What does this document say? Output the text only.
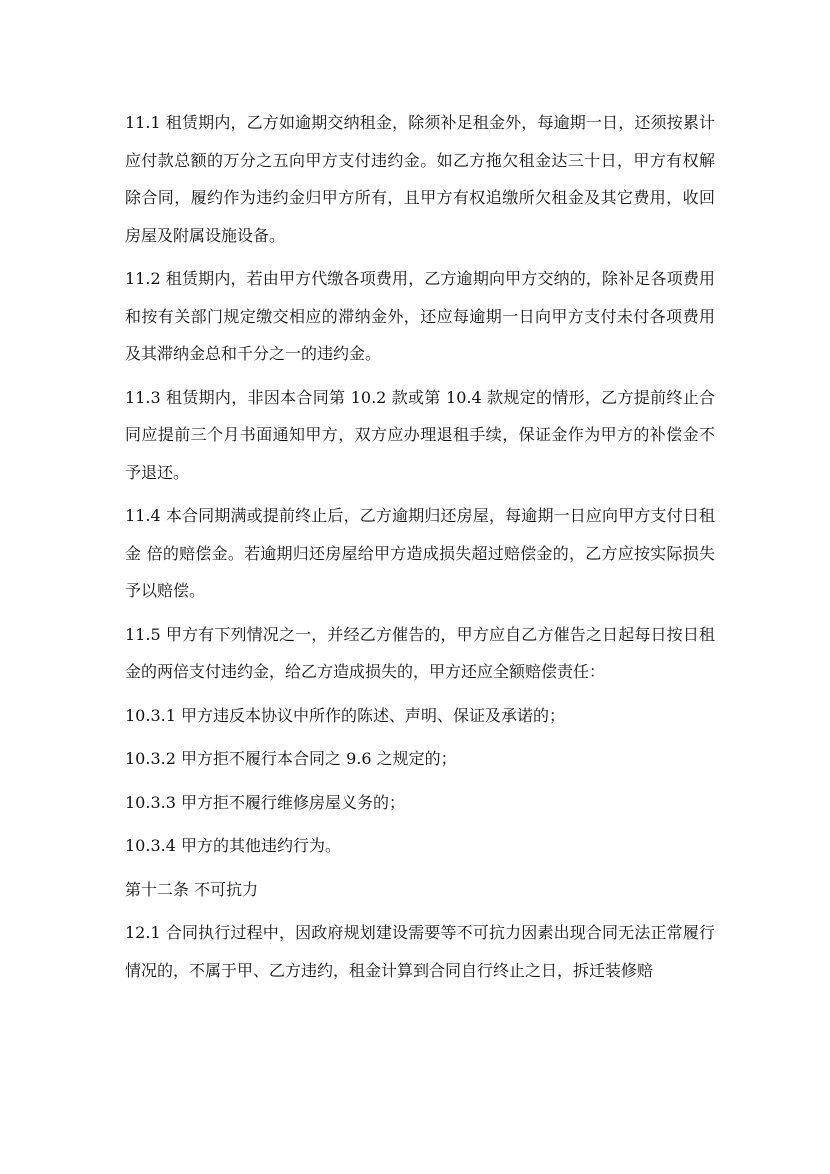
11.1 租赁期内，乙方如逾期交纳租金，除须补足租金外，每逾期一日，还须按累计应付款总额的万分之五向甲方支付违约金。如乙方拖欠租金达三十日，甲方有权解除合同，履约作为违约金归甲方所有，且甲方有权追缴所欠租金及其它费用，收回房屋及附属设施设备。

11.2 租赁期内，若由甲方代缴各项费用，乙方逾期向甲方交纳的，除补足各项费用和按有关部门规定缴交相应的滞纳金外，还应每逾期一日向甲方支付未付各项费用及其滞纳金总和千分之一的违约金。

11.3 租赁期内，非因本合同第 10.2 款或第 10.4 款规定的情形，乙方提前终止合同应提前三个月书面通知甲方，双方应办理退租手续，保证金作为甲方的补偿金不予退还。

11.4 本合同期满或提前终止后，乙方逾期归还房屋，每逾期一日应向甲方支付日租金 倍的赔偿金。若逾期归还房屋给甲方造成损失超过赔偿金的，乙方应按实际损失予以赔偿。

11.5 甲方有下列情况之一，并经乙方催告的，甲方应自乙方催告之日起每日按日租金的两倍支付违约金，给乙方造成损失的，甲方还应全额赔偿责任：

10.3.1 甲方违反本协议中所作的陈述、声明、保证及承诺的；

10.3.2 甲方拒不履行本合同之 9.6 之规定的；

10.3.3 甲方拒不履行维修房屋义务的；

10.3.4 甲方的其他违约行为。

第十二条 不可抗力

12.1 合同执行过程中，因政府规划建设需要等不可抗力因素出现合同无法正常履行情况的，不属于甲、乙方违约，租金计算到合同自行终止之日，拆迁装修赔
